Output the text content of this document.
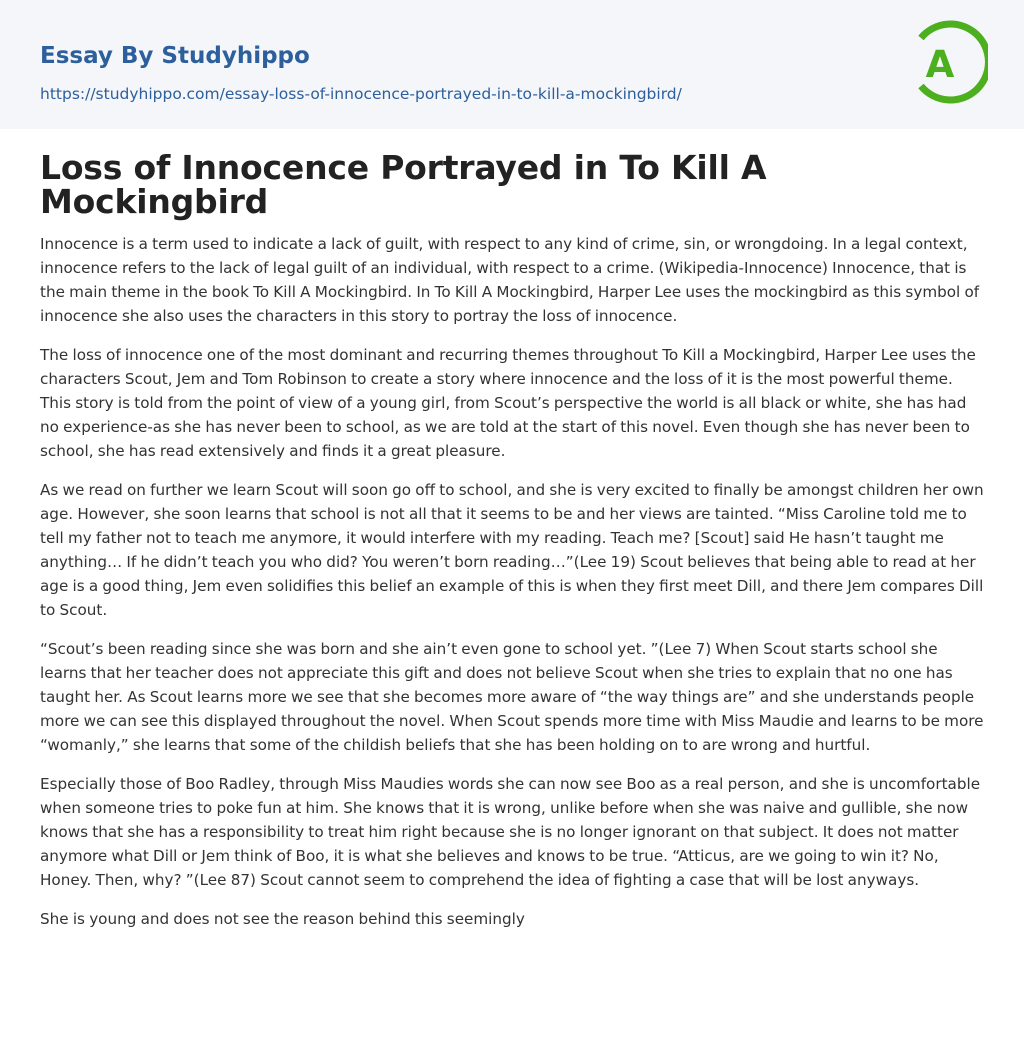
Essay By Studyhippo
https://studyhippo.com/essay-loss-of-innocence-portrayed-in-to-kill-a-mockingbird/
A
Loss of Innocence Portrayed in To Kill A Mockingbird

Innocence is a term used to indicate a lack of guilt, with respect to any kind of crime, sin, or wrongdoing. In a legal context, innocence refers to the lack of legal guilt of an individual, with respect to a crime. (Wikipedia-Innocence) Innocence, that is the main theme in the book To Kill A Mockingbird. In To Kill A Mockingbird, Harper Lee uses the mockingbird as this symbol of innocence she also uses the characters in this story to portray the loss of innocence.

The loss of innocence one of the most dominant and recurring themes throughout To Kill a Mockingbird, Harper Lee uses the characters Scout, Jem and Tom Robinson to create a story where innocence and the loss of it is the most powerful theme. This story is told from the point of view of a young girl, from Scout’s perspective the world is all black or white, she has had no experience-as she has never been to school, as we are told at the start of this novel. Even though she has never been to school, she has read extensively and finds it a great pleasure.

As we read on further we learn Scout will soon go off to school, and she is very excited to finally be amongst children her own age. However, she soon learns that school is not all that it seems to be and her views are tainted. “Miss Caroline told me to tell my father not to teach me anymore, it would interfere with my reading. Teach me? [Scout] said He hasn’t taught me anything… If he didn’t teach you who did? You weren’t born reading…”(Lee 19) Scout believes that being able to read at her age is a good thing, Jem even solidifies this belief an example of this is when they first meet Dill, and there Jem compares Dill to Scout.

“Scout’s been reading since she was born and she ain’t even gone to school yet. ”(Lee 7) When Scout starts school she learns that her teacher does not appreciate this gift and does not believe Scout when she tries to explain that no one has taught her. As Scout learns more we see that she becomes more aware of “the way things are” and she understands people more we can see this displayed throughout the novel. When Scout spends more time with Miss Maudie and learns to be more “womanly,” she learns that some of the childish beliefs that she has been holding on to are wrong and hurtful.

Especially those of Boo Radley, through Miss Maudies words she can now see Boo as a real person, and she is uncomfortable when someone tries to poke fun at him. She knows that it is wrong, unlike before when she was naive and gullible, she now knows that she has a responsibility to treat him right because she is no longer ignorant on that subject. It does not matter anymore what Dill or Jem think of Boo, it is what she believes and knows to be true. “Atticus, are we going to win it? No, Honey. Then, why? ”(Lee 87) Scout cannot seem to comprehend the idea of fighting a case that will be lost anyways.

She is young and does not see the reason behind this seemingly
